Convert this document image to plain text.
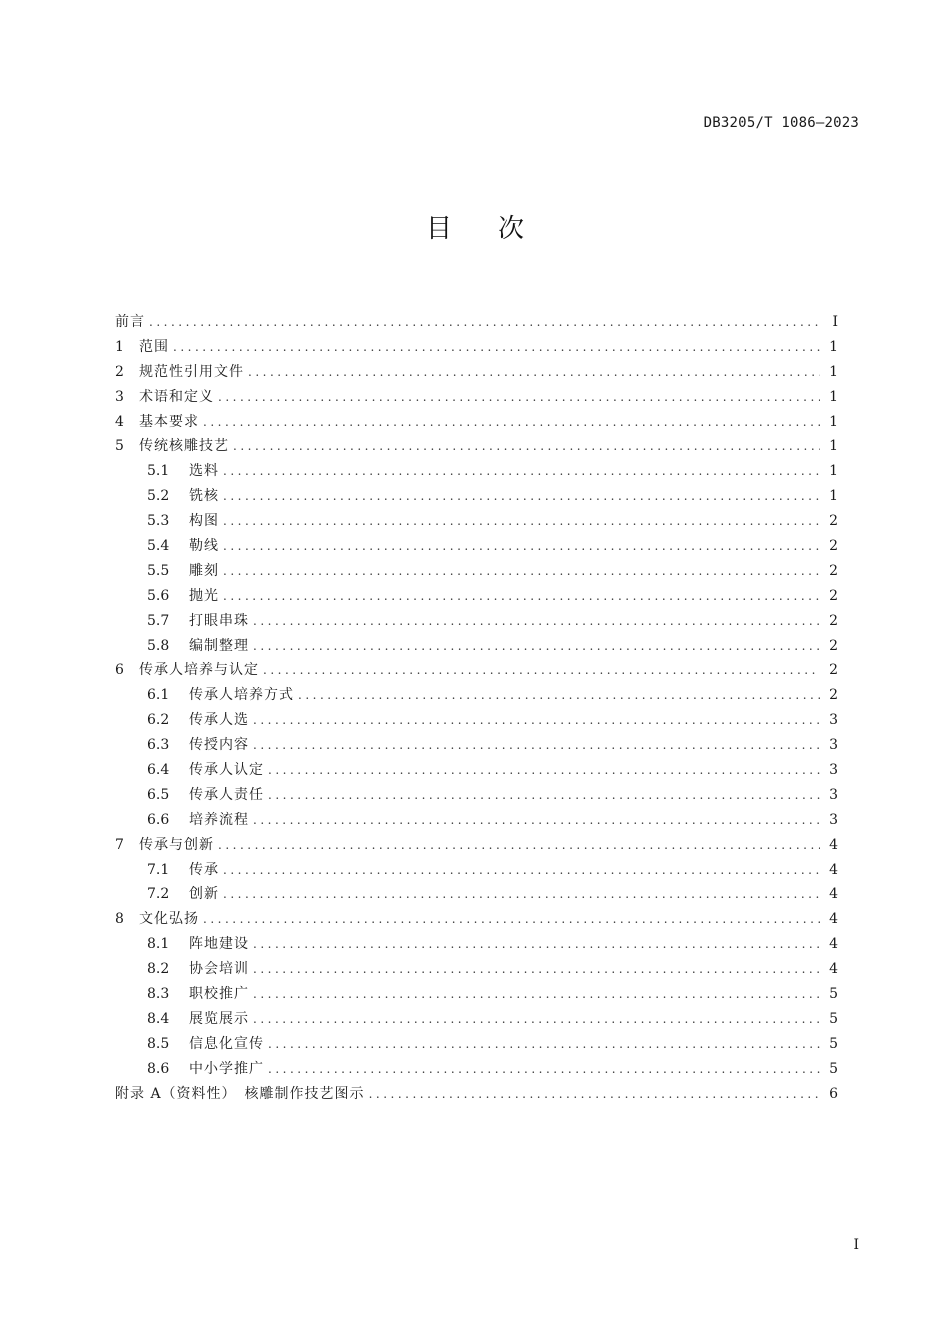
DB3205/T 1086—2023
目 次
前言 .....	I
1	范围 .....	1
2	规范性引用文件 .....	1
3	术语和定义 .....	1
4	基本要求 .....	1
5	传统核雕技艺 .....	1
5.1	选料 .....	1
5.2	铣核 .....	1
5.3	构图 .....	2
5.4	勒线 .....	2
5.5	雕刻 .....	2
5.6	抛光 .....	2
5.7	打眼串珠 .....	2
5.8	编制整理 .....	2
6	传承人培养与认定 .....	2
6.1	传承人培养方式 .....	2
6.2	传承人选 .....	3
6.3	传授内容 .....	3
6.4	传承人认定 .....	3
6.5	传承人责任 .....	3
6.6	培养流程 .....	3
7	传承与创新 .....	4
7.1	传承 .....	4
7.2	创新 .....	4
8	文化弘扬 .....	4
8.1	阵地建设 .....	4
8.2	协会培训 .....	4
8.3	职校推广 .....	5
8.4	展览展示 .....	5
8.5	信息化宣传 .....	5
8.6	中小学推广 .....	5
附录 A（资料性）　核雕制作技艺图示 .....	6
I
